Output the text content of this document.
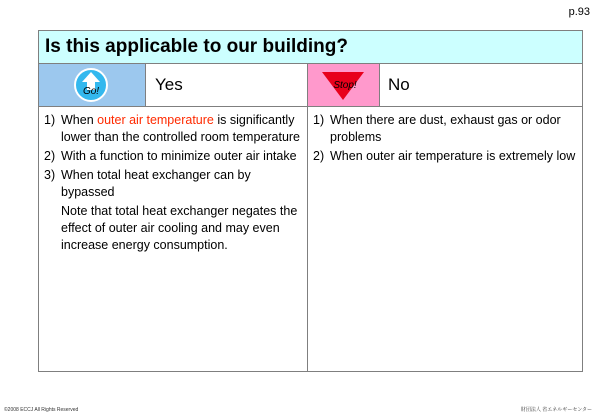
p.93
Is this applicable to our building?
Go!	Yes
1) When outer air temperature is significantly lower than the controlled room temperature
2) With a function to minimize outer air intake
3) When total heat exchanger can by bypassed
Note that total heat exchanger negates the effect of outer air cooling and may even increase energy consumption.
Stop!	No
1) When there are dust, exhaust gas or odor problems
2) When outer air temperature is extremely low
©2008 ECCJ All Rights Reserved	財団法人 省エネルギーセンター
